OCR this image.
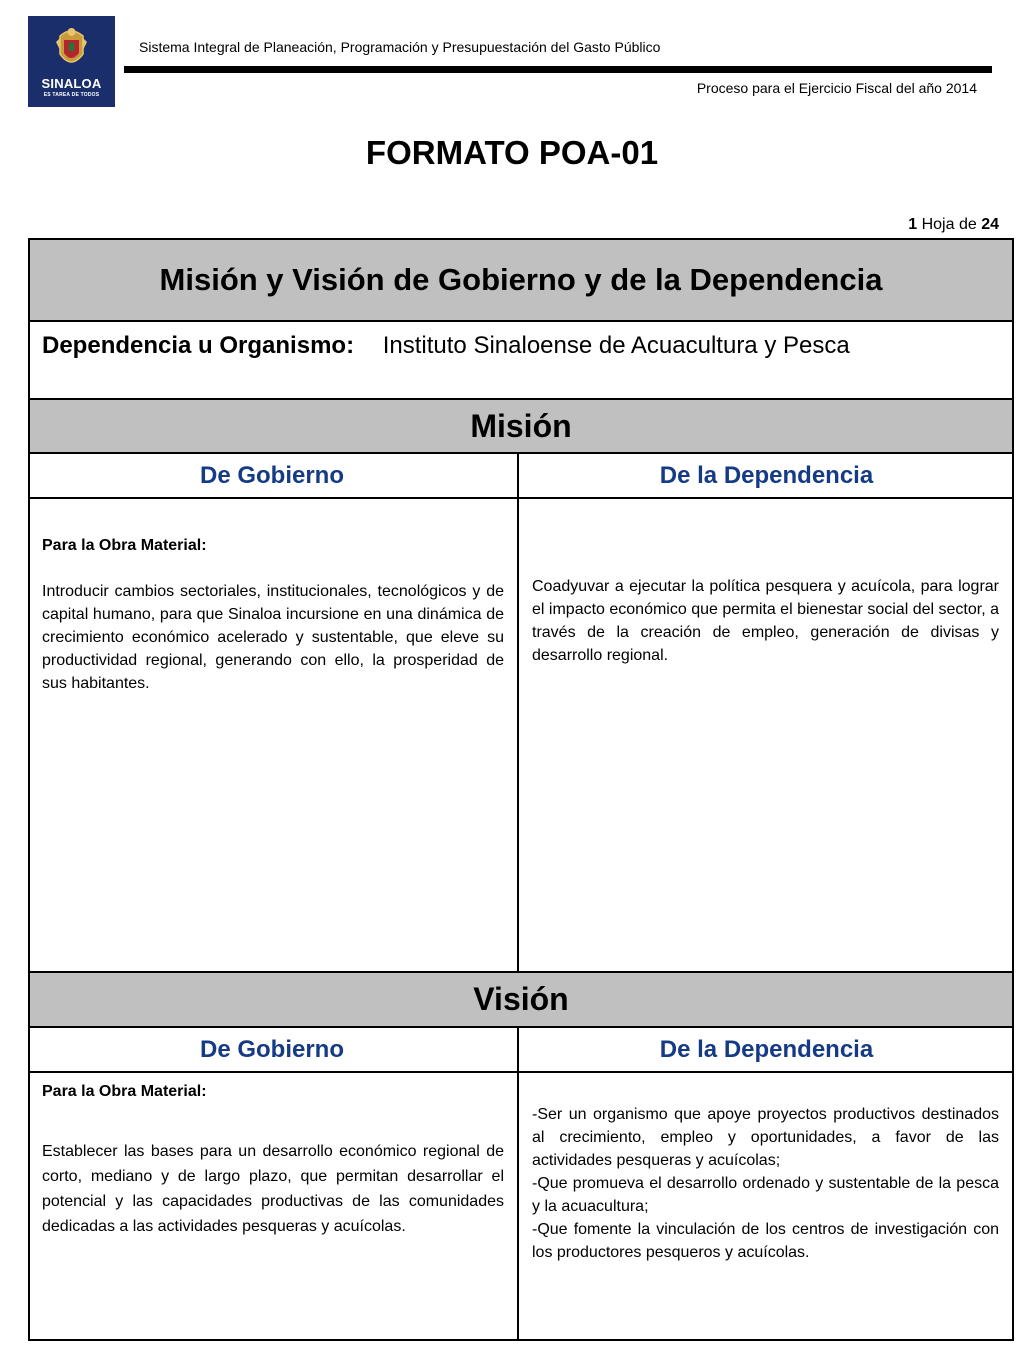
SINALOA
ES TAREA DE TODOS
Sistema Integral de Planeación, Programación y Presupuestación del Gasto Público
Proceso para el Ejercicio Fiscal del año 2014
FORMATO POA-01
1 Hoja de 24
Misión y Visión de Gobierno y de la Dependencia
Dependencia u Organismo: Instituto Sinaloense de Acuacultura y Pesca
Misión
De Gobierno	De la Dependencia
Para la Obra Material:
Introducir cambios sectoriales, institucionales, tecnológicos y de capital humano, para que Sinaloa incursione en una dinámica de crecimiento económico acelerado y sustentable, que eleve su productividad regional, generando con ello, la prosperidad de sus habitantes.
Coadyuvar a ejecutar la política pesquera y acuícola, para lograr el impacto económico que permita el bienestar social del sector, a través de la creación de empleo, generación de divisas y desarrollo regional.
Visión
De Gobierno	De la Dependencia
Para la Obra Material:
Establecer las bases para un desarrollo económico regional de corto, mediano y de largo plazo, que permitan desarrollar el potencial y las capacidades productivas de las comunidades dedicadas a las actividades pesqueras y acuícolas.
-Ser un organismo que apoye proyectos productivos destinados al crecimiento, empleo y oportunidades, a favor de las actividades pesqueras y acuícolas;
-Que promueva el desarrollo ordenado y sustentable de la pesca y la acuacultura;
-Que fomente la vinculación de los centros de investigación con los productores pesqueros y acuícolas.
